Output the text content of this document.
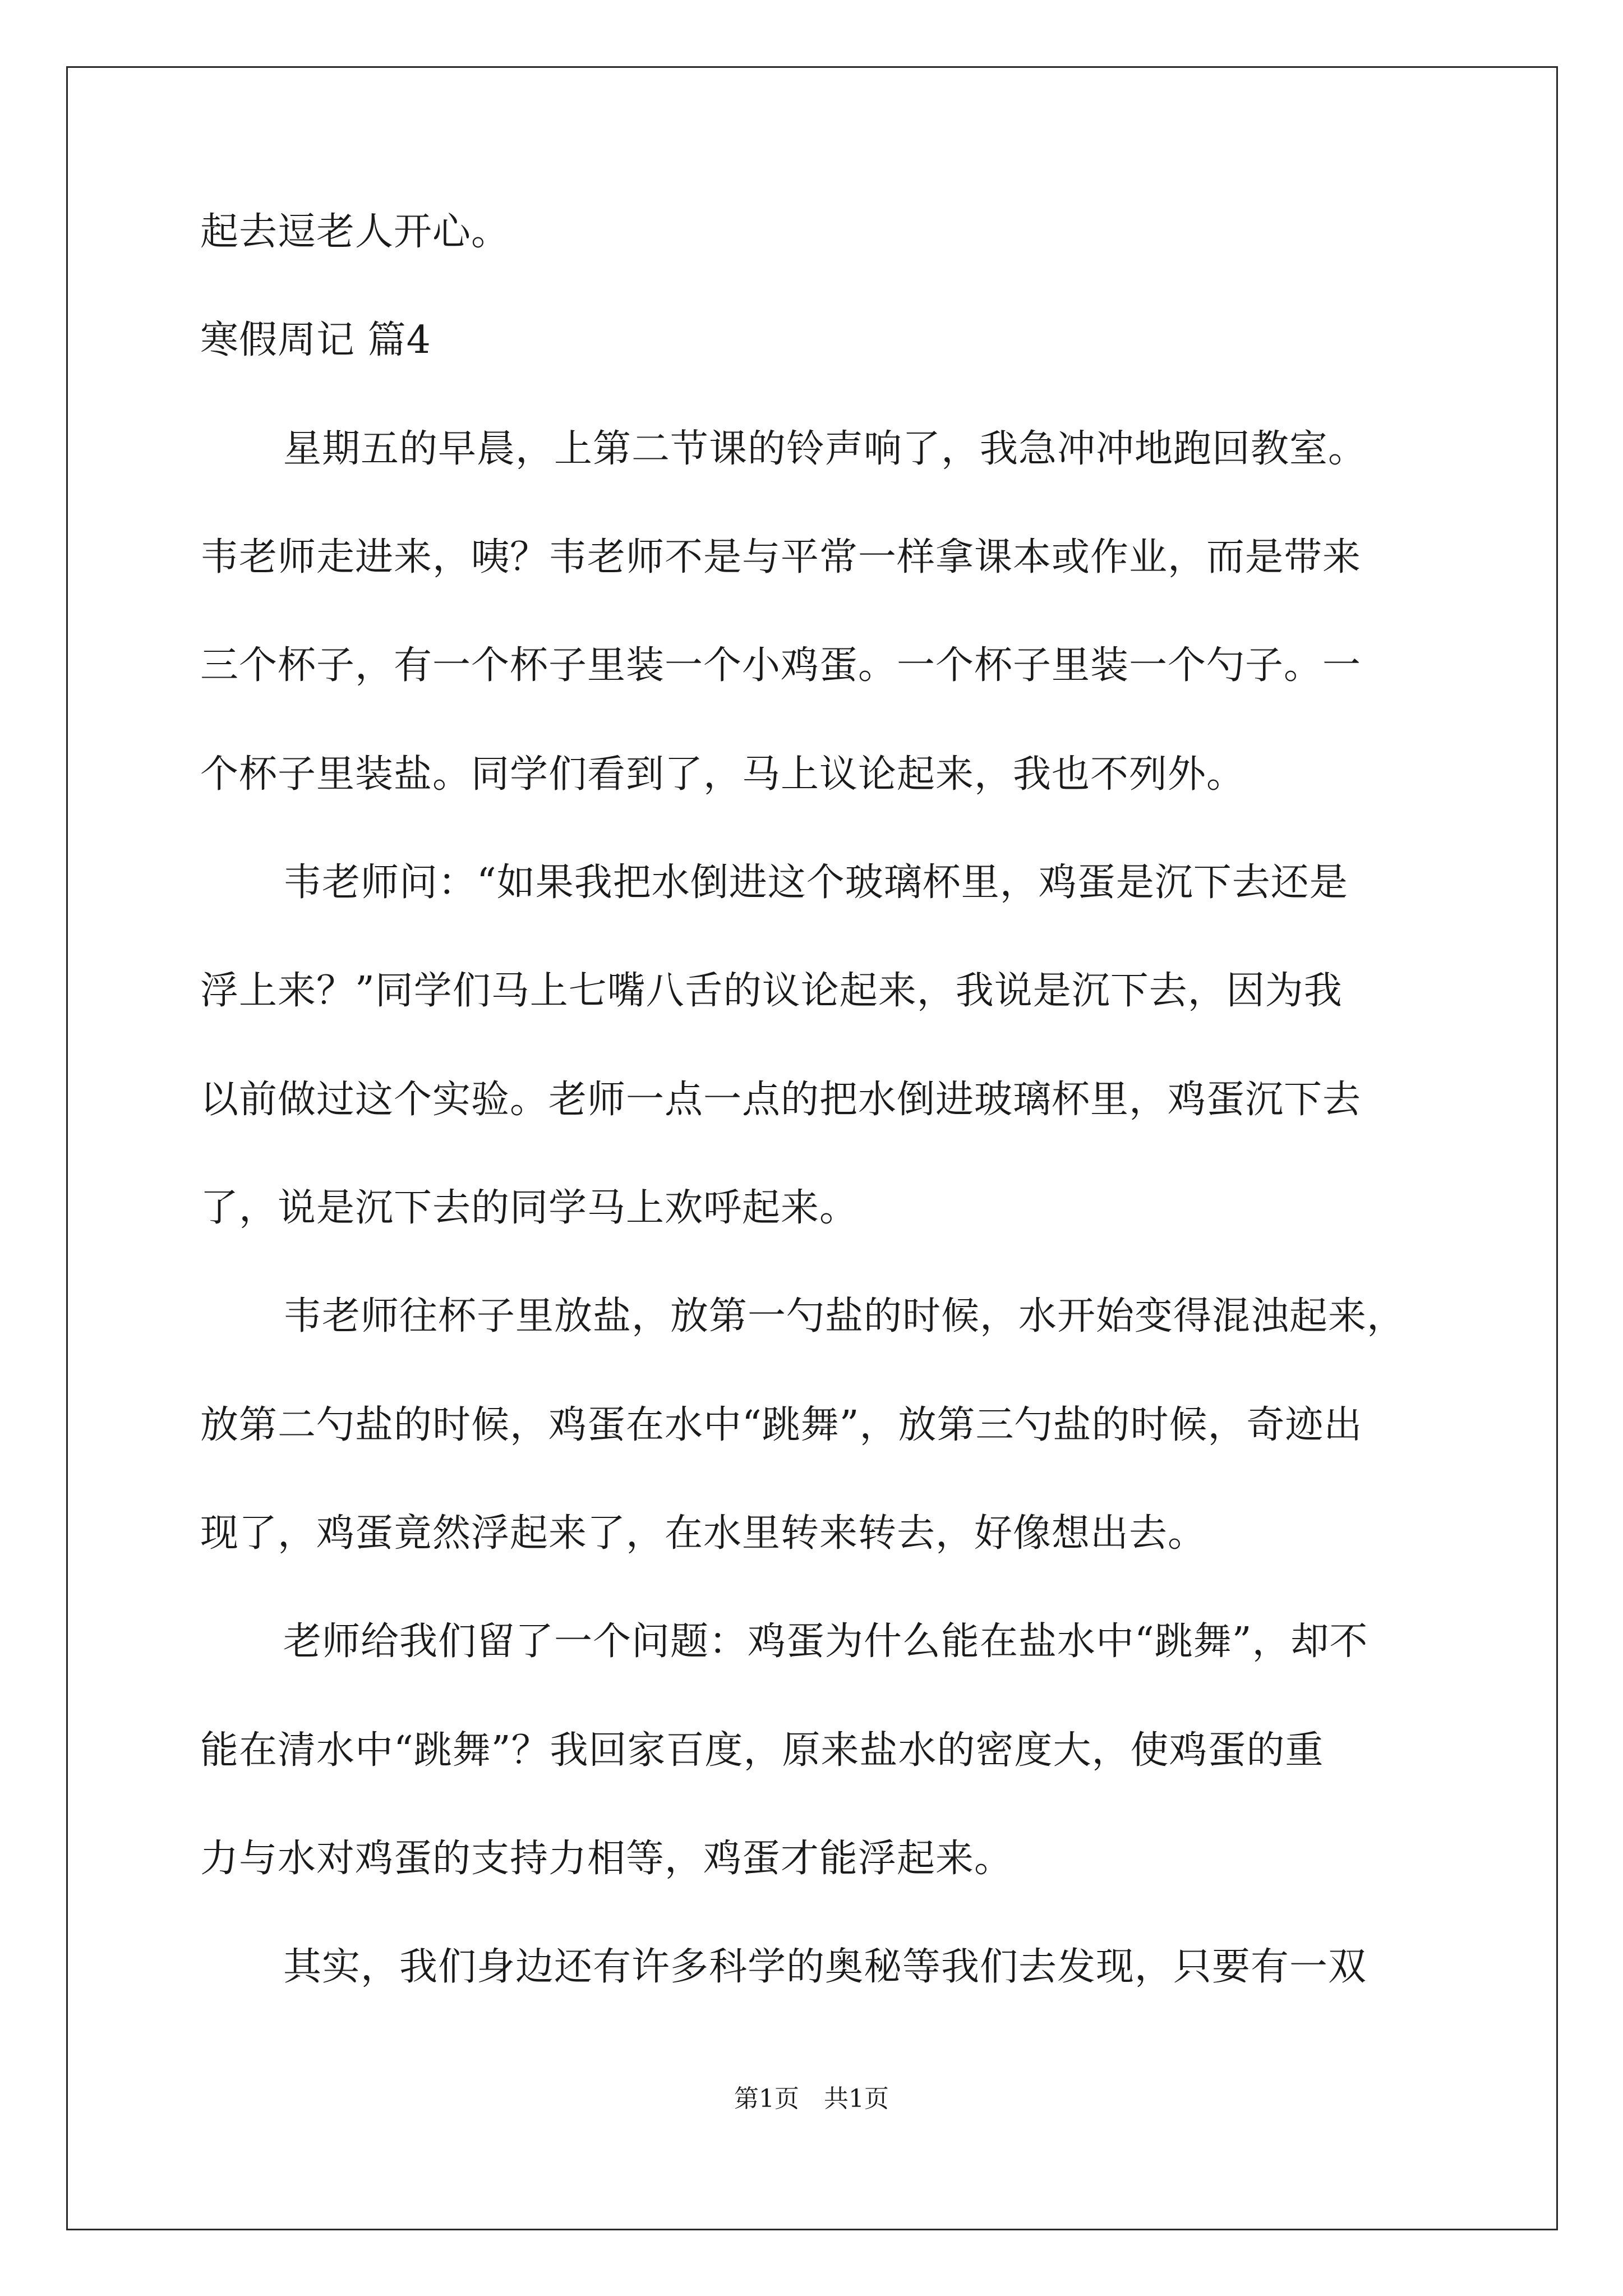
起去逗老人开心。

寒假周记 篇4

星期五的早晨，上第二节课的铃声响了，我急冲冲地跑回教室。

韦老师走进来，咦？韦老师不是与平常一样拿课本或作业，而是带来

三个杯子，有一个杯子里装一个小鸡蛋。一个杯子里装一个勺子。一

个杯子里装盐。同学们看到了，马上议论起来，我也不列外。

韦老师问：“如果我把水倒进这个玻璃杯里，鸡蛋是沉下去还是

浮上来？”同学们马上七嘴八舌的议论起来，我说是沉下去，因为我

以前做过这个实验。老师一点一点的把水倒进玻璃杯里，鸡蛋沉下去

了，说是沉下去的同学马上欢呼起来。

韦老师往杯子里放盐，放第一勺盐的时候，水开始变得混浊起来，

放第二勺盐的时候，鸡蛋在水中“跳舞”，放第三勺盐的时候，奇迹出

现了，鸡蛋竟然浮起来了，在水里转来转去，好像想出去。

老师给我们留了一个问题：鸡蛋为什么能在盐水中“跳舞”，却不

能在清水中“跳舞”？我回家百度，原来盐水的密度大，使鸡蛋的重

力与水对鸡蛋的支持力相等，鸡蛋才能浮起来。

其实，我们身边还有许多科学的奥秘等我们去发现，只要有一双

第1页　共1页
